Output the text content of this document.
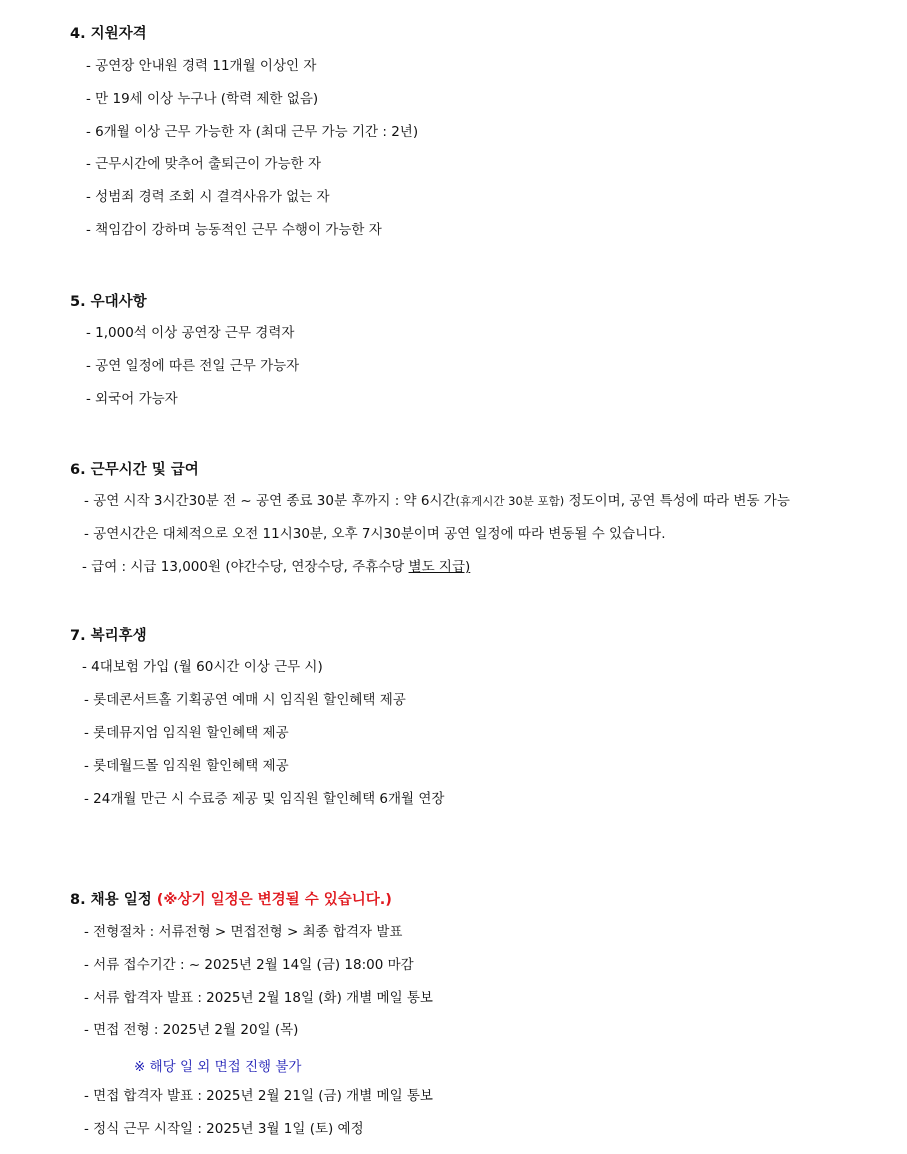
4. 지원자격
- 공연장 안내원 경력 11개월 이상인 자
- 만 19세 이상 누구나 (학력 제한 없음)
- 6개월 이상 근무 가능한 자 (최대 근무 가능 기간 : 2년)
- 근무시간에 맞추어 출퇴근이 가능한 자
- 성범죄 경력 조회 시 결격사유가 없는 자
- 책임감이 강하며 능동적인 근무 수행이 가능한 자
5. 우대사항
- 1,000석 이상 공연장 근무 경력자
- 공연 일정에 따른 전일 근무 가능자
- 외국어 가능자
6. 근무시간 및 급여
- 공연 시작 3시간30분 전 ~ 공연 종료 30분 후까지 : 약 6시간(휴게시간 30분 포함) 정도이며, 공연 특성에 따라 변동 가능
- 공연시간은 대체적으로 오전 11시30분, 오후 7시30분이며 공연 일정에 따라 변동될 수 있습니다.
- 급여 : 시급 13,000원 (야간수당, 연장수당, 주휴수당 별도 지급)
7. 복리후생
- 4대보험 가입 (월 60시간 이상 근무 시)
- 롯데콘서트홀 기획공연 예매 시 임직원 할인혜택 제공
- 롯데뮤지엄 임직원 할인혜택 제공
- 롯데월드몰 임직원 할인혜택 제공
- 24개월 만근 시 수료증 제공 및 임직원 할인혜택 6개월 연장
8. 채용 일정 (※상기 일정은 변경될 수 있습니다.)
- 전형절차 : 서류전형 > 면접전형 > 최종 합격자 발표
- 서류 접수기간 : ~ 2025년 2월 14일 (금) 18:00 마감
- 서류 합격자 발표 : 2025년 2월 18일 (화) 개별 메일 통보
- 면접 전형 : 2025년 2월 20일 (목)
※ 해당 일 외 면접 진행 불가
- 면접 합격자 발표 : 2025년 2월 21일 (금) 개별 메일 통보
- 정식 근무 시작일 : 2025년 3월 1일 (토) 예정
